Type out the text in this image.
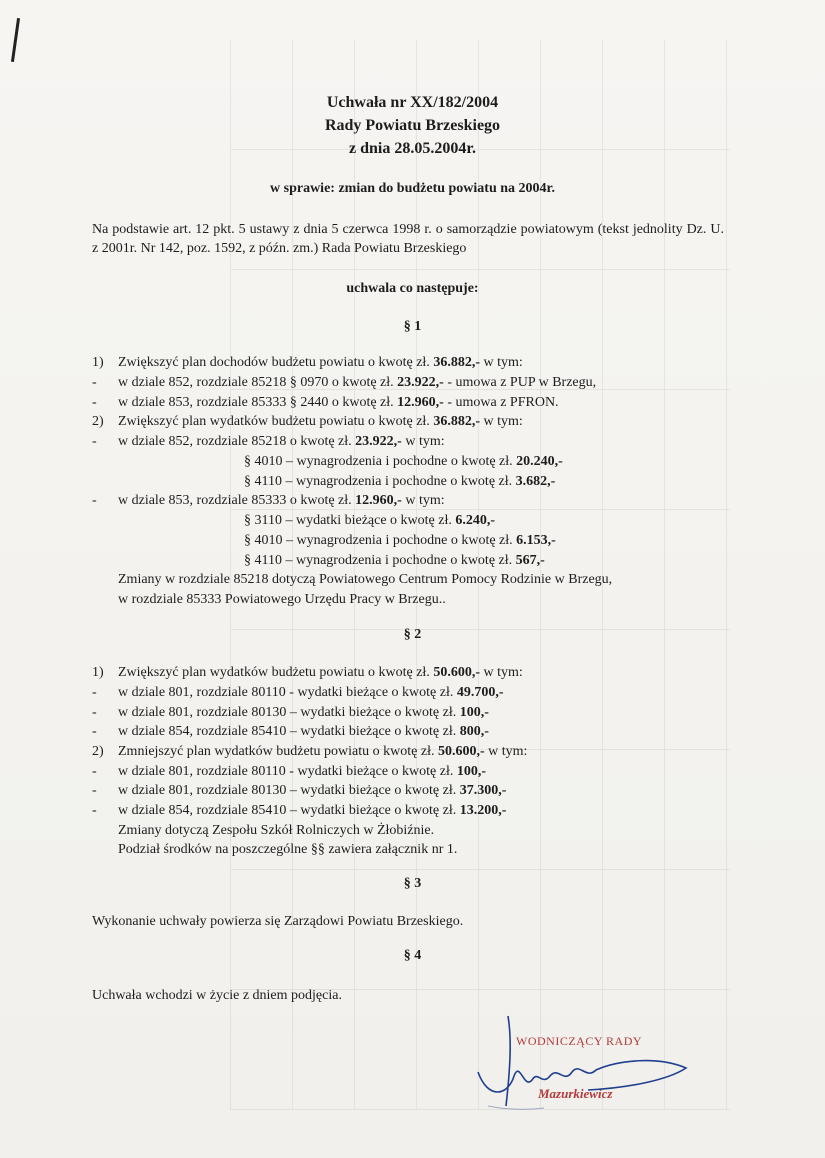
Uchwała nr XX/182/2004
Rady Powiatu Brzeskiego
z dnia 28.05.2004r.
w sprawie: zmian do budżetu powiatu na 2004r.
Na podstawie art. 12 pkt. 5 ustawy z dnia 5 czerwca 1998 r. o samorządzie powiatowym (tekst jednolity Dz. U. z 2001r. Nr 142, poz. 1592, z późn. zm.) Rada Powiatu Brzeskiego
uchwala co następuje:
§ 1
1) Zwiększyć plan dochodów budżetu powiatu o kwotę zł. 36.882,- w tym:
- w dziale 852, rozdziale 85218 § 0970 o kwotę zł. 23.922,- - umowa z PUP w Brzegu,
- w dziale 853, rozdziale 85333 § 2440 o kwotę zł. 12.960,- - umowa z PFRON.
2) Zwiększyć plan wydatków budżetu powiatu o kwotę zł. 36.882,- w tym:
- w dziale 852, rozdziale 85218 o kwotę zł. 23.922,- w tym:
§ 4010 – wynagrodzenia i pochodne o kwotę zł. 20.240,-
§ 4110 – wynagrodzenia i pochodne o kwotę zł. 3.682,-
- w dziale 853, rozdziale 85333 o kwotę zł. 12.960,- w tym:
§ 3110 – wydatki bieżące o kwotę zł. 6.240,-
§ 4010 – wynagrodzenia i pochodne o kwotę zł. 6.153,-
§ 4110 – wynagrodzenia i pochodne o kwotę zł. 567,-
Zmiany w rozdziale 85218 dotyczą Powiatowego Centrum Pomocy Rodzinie w Brzegu,
w rozdziale 85333 Powiatowego Urzędu Pracy w Brzegu..
§ 2
1) Zwiększyć plan wydatków budżetu powiatu o kwotę zł. 50.600,- w tym:
- w dziale 801, rozdziale 80110 - wydatki bieżące o kwotę zł. 49.700,-
- w dziale 801, rozdziale 80130 – wydatki bieżące o kwotę zł. 100,-
- w dziale 854, rozdziale 85410 – wydatki bieżące o kwotę zł. 800,-
2) Zmniejszyć plan wydatków budżetu powiatu o kwotę zł. 50.600,- w tym:
- w dziale 801, rozdziale 80110 - wydatki bieżące o kwotę zł. 100,-
- w dziale 801, rozdziale 80130 – wydatki bieżące o kwotę zł. 37.300,-
- w dziale 854, rozdziale 85410 – wydatki bieżące o kwotę zł. 13.200,-
Zmiany dotyczą Zespołu Szkół Rolniczych w Żłobiźnie.
Podział środków na poszczególne §§ zawiera załącznik nr 1.
§ 3
Wykonanie uchwały powierza się Zarządowi Powiatu Brzeskiego.
§ 4
Uchwała wchodzi w życie z dniem podjęcia.
WODNICZĄCY RADY
Mazurkiewicz
